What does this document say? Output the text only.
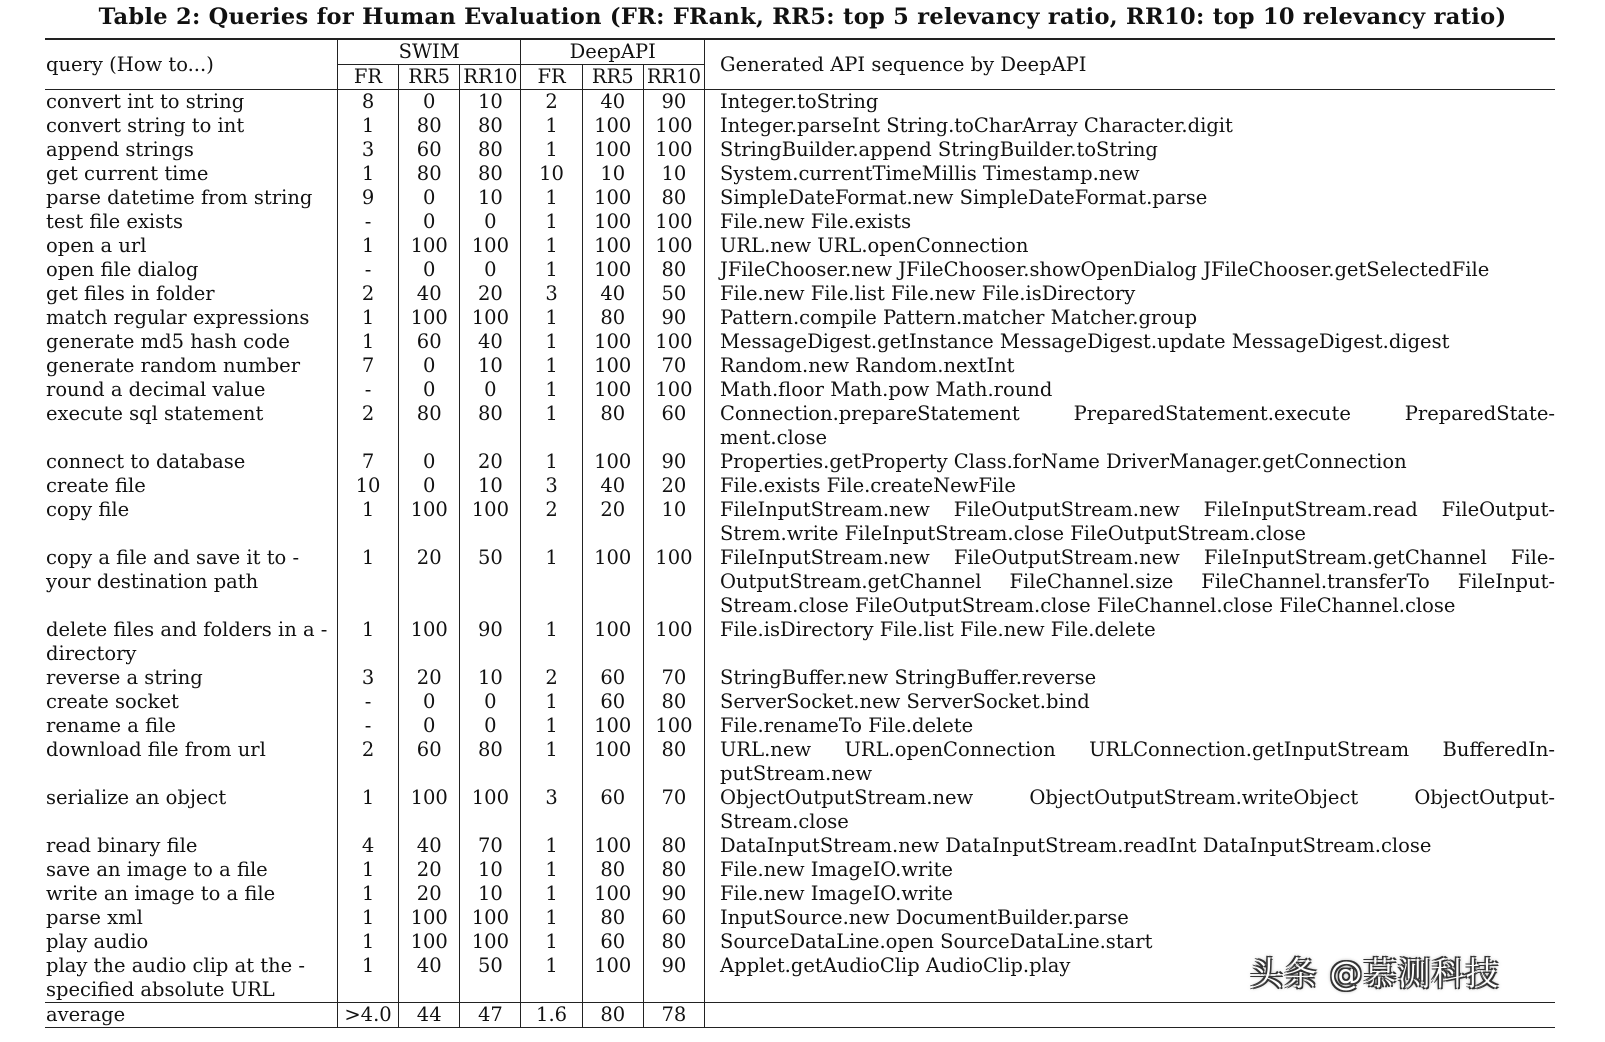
Table 2: Queries for Human Evaluation (FR: FRank, RR5: top 5 relevancy ratio, RR10: top 10 relevancy ratio)
query (How to...)	SWIM			DeepAPI			Generated API sequence by DeepAPI
	FR	RR5	RR10	FR	RR5	RR10	
convert int to string	8	0	10	2	40	90	Integer.toString
convert string to int	1	80	80	1	100	100	Integer.parseInt String.toCharArray Character.digit
append strings	3	60	80	1	100	100	StringBuilder.append StringBuilder.toString
get current time	1	80	80	10	10	10	System.currentTimeMillis Timestamp.new
parse datetime from string	9	0	10	1	100	80	SimpleDateFormat.new SimpleDateFormat.parse
test file exists	-	0	0	1	100	100	File.new File.exists
open a url	1	100	100	1	100	100	URL.new URL.openConnection
open file dialog	-	0	0	1	100	80	JFileChooser.new JFileChooser.showOpenDialog JFileChooser.getSelectedFile
get files in folder	2	40	20	3	40	50	File.new File.list File.new File.isDirectory
match regular expressions	1	100	100	1	80	90	Pattern.compile Pattern.matcher Matcher.group
generate md5 hash code	1	60	40	1	100	100	MessageDigest.getInstance MessageDigest.update MessageDigest.digest
generate random number	7	0	10	1	100	70	Random.new Random.nextInt
round a decimal value	-	0	0	1	100	100	Math.floor Math.pow Math.round
execute sql statement	2	80	80	1	80	60	Connection.prepareStatement PreparedStatement.execute PreparedState-ment.close
connect to database	7	0	20	1	100	90	Properties.getProperty Class.forName DriverManager.getConnection
create file	10	0	10	3	40	20	File.exists File.createNewFile
copy file	1	100	100	2	20	10	FileInputStream.new FileOutputStream.new FileInputStream.read FileOutput-Strem.write FileInputStream.close FileOutputStream.close
copy a file and save it to -your destination path	1	20	50	1	100	100	FileInputStream.new FileOutputStream.new FileInputStream.getChannel File-OutputStream.getChannel FileChannel.size FileChannel.transferTo FileInput-Stream.close FileOutputStream.close FileChannel.close FileChannel.close
delete files and folders in a -directory	1	100	90	1	100	100	File.isDirectory File.list File.new File.delete
reverse a string	3	20	10	2	60	70	StringBuffer.new StringBuffer.reverse
create socket	-	0	0	1	60	80	ServerSocket.new ServerSocket.bind
rename a file	-	0	0	1	100	100	File.renameTo File.delete
download file from url	2	60	80	1	100	80	URL.new URL.openConnection URLConnection.getInputStream BufferedIn-putStream.new
serialize an object	1	100	100	3	60	70	ObjectOutputStream.new ObjectOutputStream.writeObject ObjectOutput-Stream.close
read binary file	4	40	70	1	100	80	DataInputStream.new DataInputStream.readInt DataInputStream.close
save an image to a file	1	20	10	1	80	80	File.new ImageIO.write
write an image to a file	1	20	10	1	100	90	File.new ImageIO.write
parse xml	1	100	100	1	80	60	InputSource.new DocumentBuilder.parse
play audio	1	100	100	1	60	80	SourceDataLine.open SourceDataLine.start
play the audio clip at the -specified absolute URL	1	40	50	1	100	90	Applet.getAudioClip AudioClip.play
average	>4.0	44	47	1.6	80	78	
头条 @慕测科技
